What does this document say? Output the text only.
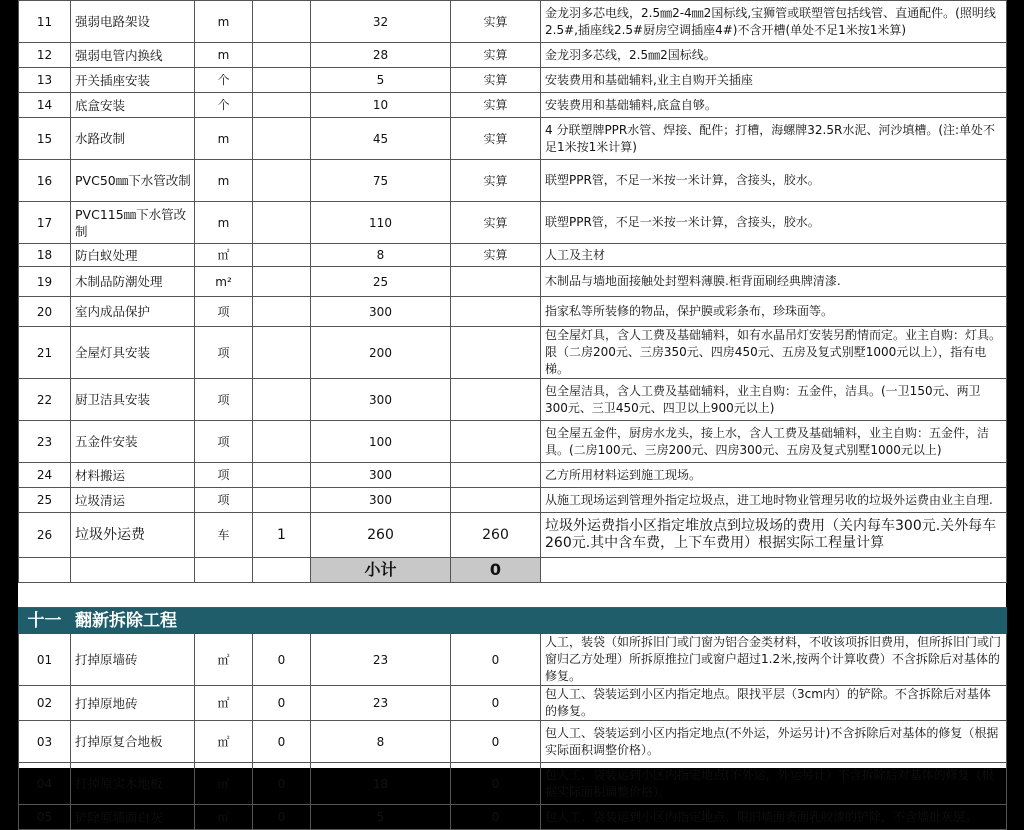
11	强弱电路架设	m		32	实算	金龙羽多芯电线，2.5㎜2-4㎜2国标线,宝狮管或联塑管包括线管、直通配件。(照明线2.5#,插座线2.5#厨房空调插座4#)不含开槽(单处不足1米按1米算)
12	强弱电管内换线	m		28	实算	金龙羽多芯线，2.5㎜2国标线。
13	开关插座安装	个		5	实算	安装费用和基础辅料,业主自购开关插座
14	底盒安装	个		10	实算	安装费用和基础辅料,底盒自够。
15	水路改制	m		45	实算	4 分联塑牌PPR水管、焊接、配件；打槽，海螺牌32.5R水泥、河沙填槽。(注:单处不足1米按1米计算)
16	PVC50㎜下水管改制	m		75	实算	联塑PPR管，不足一米按一米计算，含接头，胶水。
17	PVC115㎜下水管改制	m		110	实算	联塑PPR管，不足一米按一米计算，含接头，胶水。
18	防白蚁处理	㎡		8	实算	人工及主材
19	木制品防潮处理	m²		25		木制品与墙地面接触处封塑料薄膜.柜背面刷经典牌清漆.
20	室内成品保护	项		300		指家私等所装修的物品，保护膜或彩条布，珍珠面等。
21	全屋灯具安装	项		200		包全屋灯具，含人工费及基础辅料，如有水晶吊灯安装另酌情而定。业主自购：灯具。限（二房200元、三房350元、四房450元、五房及复式别墅1000元以上），指有电梯。
22	厨卫洁具安装	项		300		包全屋洁具，含人工费及基础辅料，业主自购：五金件，洁具。(一卫150元、两卫300元、三卫450元、四卫以上900元以上)
23	五金件安装	项		100		包全屋五金件，厨房水龙头，接上水，含人工费及基础辅料，业主自购：五金件，洁具。(二房100元、三房200元、四房300元、五房及复式别墅1000元以上)
24	材料搬运	项		300		乙方所用材料运到施工现场。
25	垃圾清运	项		300		从施工现场运到管理外指定垃圾点，进工地时物业管理另收的垃圾外运费由业主自理.
26	垃圾外运费	车	1	260	260	垃圾外运费指小区指定堆放点到垃圾场的费用（关内每车300元.关外每车260元.其中含车费，上下车费用）根据实际工程量计算
				小计	0	

十一	翻新拆除工程					
01	打掉原墙砖	㎡	0	23	0	人工，装袋（如所拆旧门或门窗为铝合金类材料，不收该项拆旧费用，但所拆旧门或门窗归乙方处理）所拆原推拉门或窗户超过1.2米,按两个计算收费）不含拆除后对基体的修复。
02	打掉原地砖	㎡	0	23	0	包人工、袋装运到小区内指定地点。限找平层（3cm内）的铲除。不含拆除后对基体的修复。
03	打掉原复合地板	㎡	0	8	0	包人工、袋装运到小区内指定地点(不外运，外运另计)不含拆除后对基体的修复（根据实际面积调整价格）。
04	打掉原实木地板	㎡	0	18	0	包人工、袋装运到小区内指定地点(不外运，外运另计）不含拆除后对基体的修复（根据实际面积调整价格）。
05	铲除原墙面白灰	㎡	0	5	0	包人工、袋装运到小区内指定地点，限旧墙面表面乳胶漆的铲除，不含墙批灰层。
